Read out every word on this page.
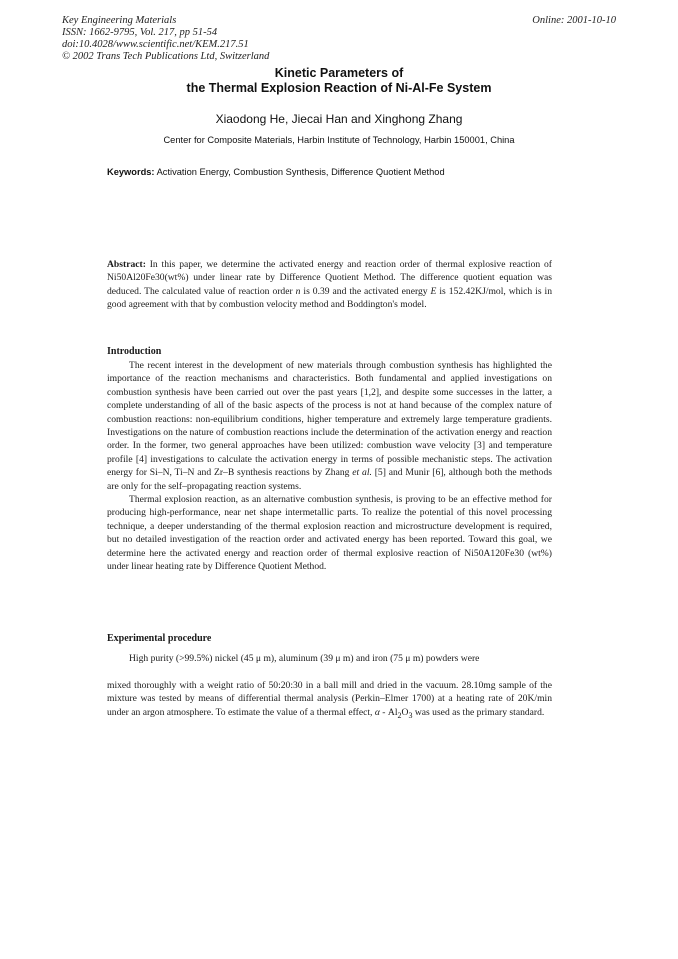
Key Engineering Materials
ISSN: 1662-9795, Vol. 217, pp 51-54
doi:10.4028/www.scientific.net/KEM.217.51
© 2002 Trans Tech Publications Ltd, Switzerland
Online: 2001-10-10
Kinetic Parameters of
the Thermal Explosion Reaction of Ni-Al-Fe System
Xiaodong He, Jiecai Han and Xinghong Zhang
Center for Composite Materials, Harbin Institute of Technology, Harbin 150001, China
Keywords: Activation Energy, Combustion Synthesis, Difference Quotient Method

Abstract: In this paper, we determine the activated energy and reaction order of thermal explosive reaction of Ni50Al20Fe30(wt%) under linear rate by Difference Quotient Method. The difference quotient equation was deduced. The calculated value of reaction order n is 0.39 and the activated energy E is 152.42KJ/mol, which is in good agreement with that by combustion velocity method and Boddington's model.

Introduction

The recent interest in the development of new materials through combustion synthesis has highlighted the importance of the reaction mechanisms and characteristics. Both fundamental and applied investigations on combustion synthesis have been carried out over the past years [1,2], and despite some successes in the latter, a complete understanding of all of the basic aspects of the process is not at hand because of the complex nature of combustion reactions: non-equilibrium conditions, higher temperature and extremely large temperature gradients. Investigations on the nature of combustion reactions include the determination of the activation energy and reaction order. In the former, two general approaches have been utilized: combustion wave velocity [3] and temperature profile [4] investigations to calculate the activation energy in terms of possible mechanistic steps. The activation energy for Si–N, Ti–N and Zr–B synthesis reactions by Zhang et al. [5] and Munir [6], although both the methods are only for the self–propagating reaction systems.

Thermal explosion reaction, as an alternative combustion synthesis, is proving to be an effective method for producing high-performance, near net shape intermetallic parts. To realize the potential of this novel processing technique, a deeper understanding of the thermal explosion reaction and microstructure development is required, but no detailed investigation of the reaction order and activated energy has been reported. Toward this goal, we determine here the activated energy and reaction order of thermal explosive reaction of Ni50A120Fe30 (wt%) under linear heating rate by Difference Quotient Method.

Experimental procedure

High purity (>99.5%) nickel (45 μ m), aluminum (39 μ m) and iron (75 μ m) powders were

mixed thoroughly with a weight ratio of 50:20:30 in a ball mill and dried in the vacuum. 28.10mg sample of the mixture was tested by means of differential thermal analysis (Perkin–Elmer 1700) at a heating rate of 20K/min under an argon atmosphere. To estimate the value of a thermal effect, α - $Al_2O_3$ was used as the primary standard.
